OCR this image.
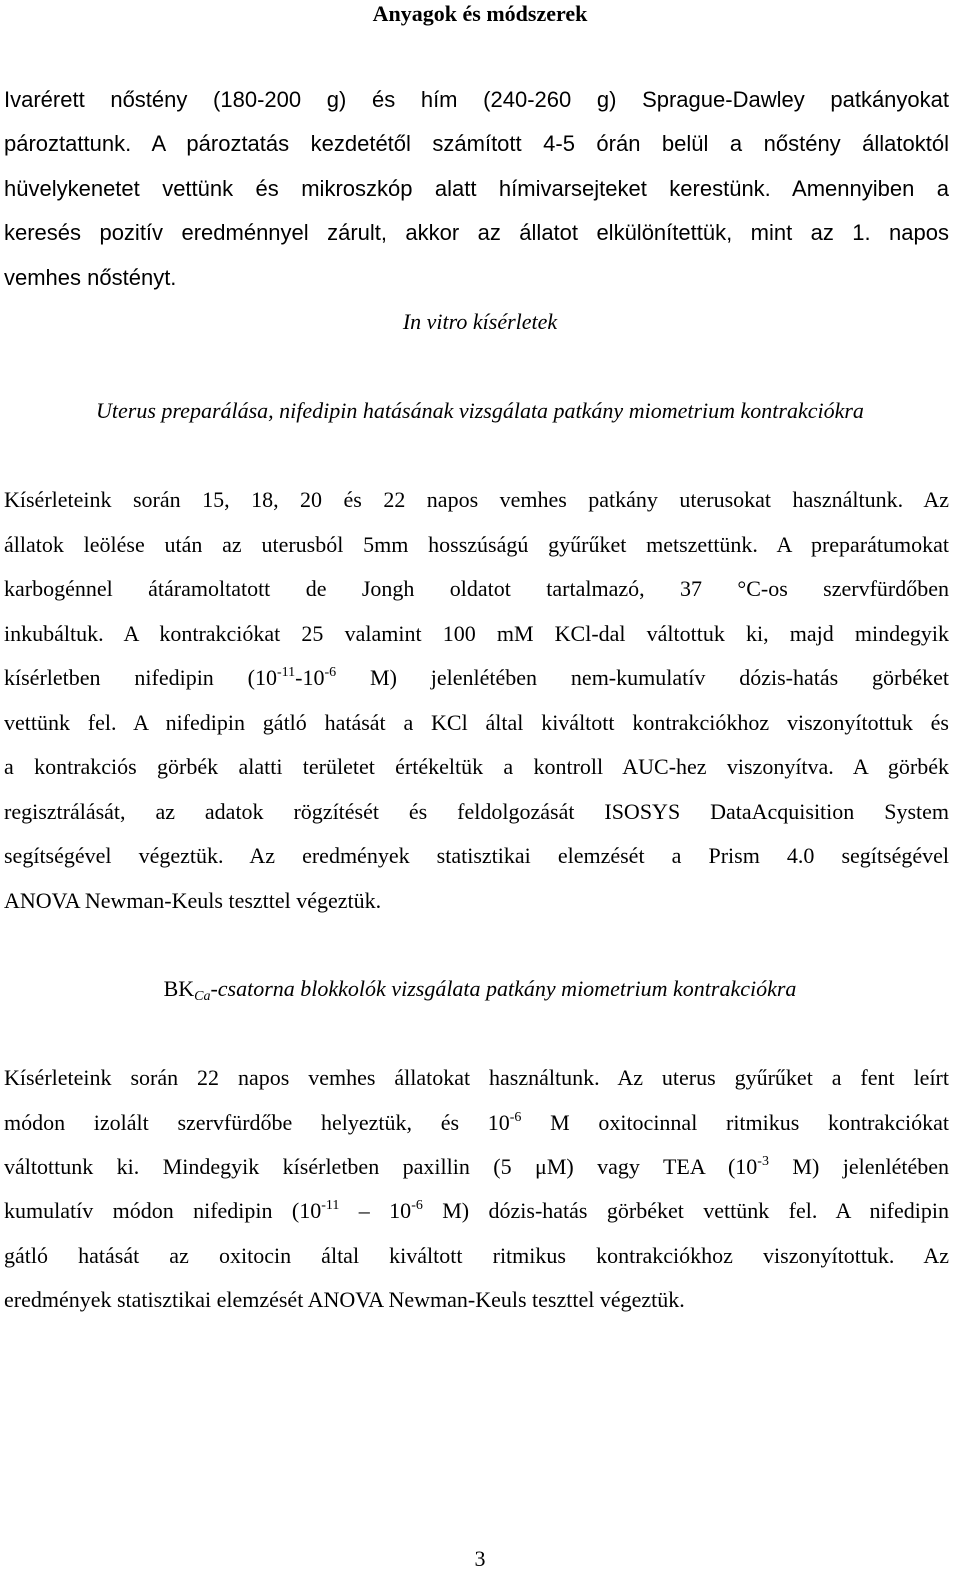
Anyagok és módszerek
Ivarérett nőstény (180-200 g) és hím (240-260 g) Sprague-Dawley patkányokat
pároztattunk. A pároztatás kezdetétől számított 4-5 órán belül a nőstény állatoktól
hüvelykenetet vettünk és mikroszkóp alatt hímivarsejteket kerestünk. Amennyiben a
keresés pozitív eredménnyel zárult, akkor az állatot elkülönítettük, mint az 1. napos
vemhes nőstényt.
In vitro kísérletek
Uterus preparálása, nifedipin hatásának vizsgálata patkány miometrium kontrakciókra
Kísérleteink során 15, 18, 20 és 22 napos vemhes patkány uterusokat használtunk. Az
állatok leölése után az uterusból 5mm hosszúságú gyűrűket metszettünk. A preparátumokat
karbogénnel átáramoltatott de Jongh oldatot tartalmazó, 37 °C-os szervfürdőben
inkubáltuk. A kontrakciókat 25 valamint 100 mM KCl-dal váltottuk ki, majd mindegyik
kísérletben nifedipin ($10^{-11}-10^{-6}$ M) jelenlétében nem-kumulatív dózis-hatás görbéket
vettünk fel. A nifedipin gátló hatását a KCl által kiváltott kontrakciókhoz viszonyítottuk és
a kontrakciós görbék alatti területet értékeltük a kontroll AUC-hez viszonyítva. A görbék
regisztrálását, az adatok rögzítését és feldolgozását ISOSYS DataAcquisition System
segítségével végeztük. Az eredmények statisztikai elemzését a Prism 4.0 segítségével
ANOVA Newman-Keuls teszttel végeztük.
$BK_{Ca}$-csatorna blokkolók vizsgálata patkány miometrium kontrakciókra
Kísérleteink során 22 napos vemhes állatokat használtunk. Az uterus gyűrűket a fent leírt
módon izolált szervfürdőbe helyeztük, és $10^{-6}$ M oxitocinnal ritmikus kontrakciókat
váltottunk ki. Mindegyik kísérletben paxillin (5 μM) vagy TEA ($10^{-3}$ M) jelenlétében
kumulatív módon nifedipin ($10^{-11} - 10^{-6}$ M) dózis-hatás görbéket vettünk fel. A nifedipin
gátló hatását az oxitocin által kiváltott ritmikus kontrakciókhoz viszonyítottuk. Az
eredmények statisztikai elemzését ANOVA Newman-Keuls teszttel végeztük.
3
